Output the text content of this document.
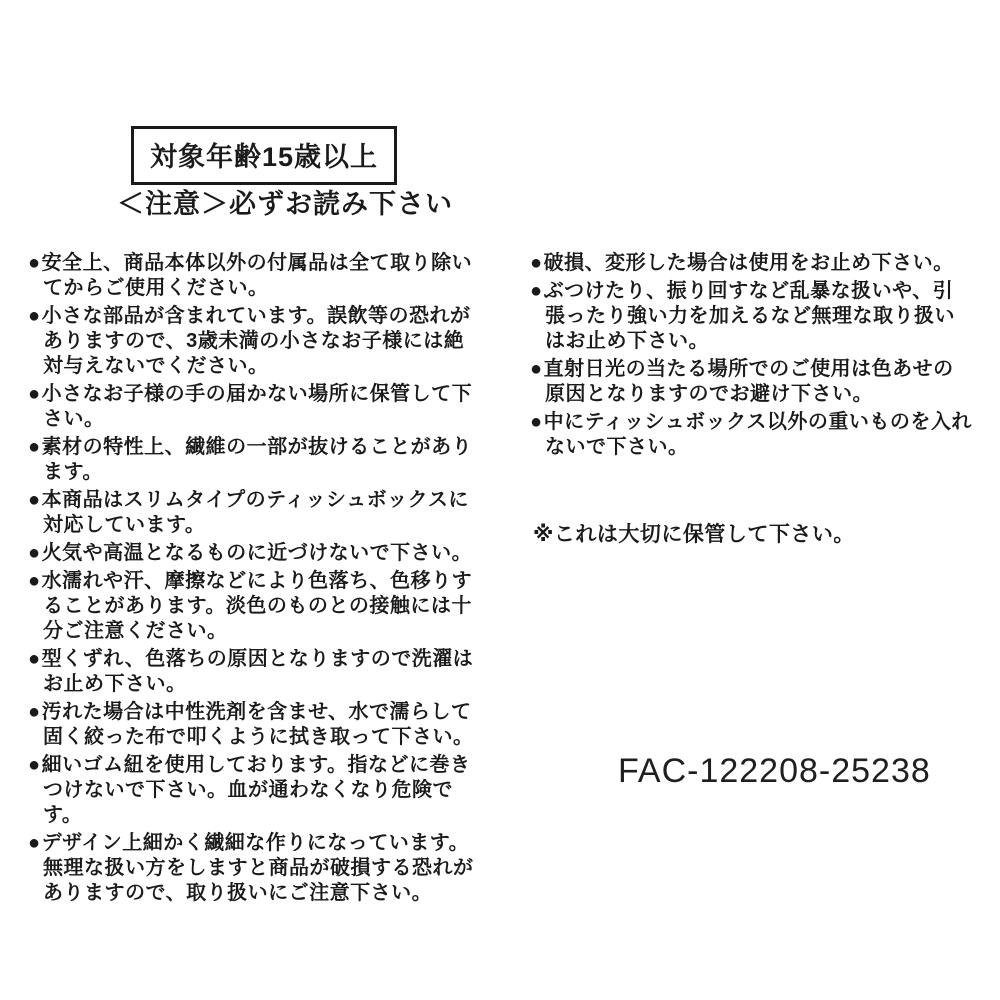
対象年齢15歳以上
＜注意＞必ずお読み下さい
●安全上、商品本体以外の付属品は全て取り除いてからご使用ください。
●小さな部品が含まれています。誤飲等の恐れがありますので、3歳未満の小さなお子様には絶対与えないでください。
●小さなお子様の手の届かない場所に保管して下さい。
●素材の特性上、繊維の一部が抜けることがあります。
●本商品はスリムタイプのティッシュボックスに対応しています。
●火気や高温となるものに近づけないで下さい。
●水濡れや汗、摩擦などにより色落ち、色移りすることがあります。淡色のものとの接触には十分ご注意ください。
●型くずれ、色落ちの原因となりますので洗濯はお止め下さい。
●汚れた場合は中性洗剤を含ませ、水で濡らして固く絞った布で叩くように拭き取って下さい。
●細いゴム紐を使用しております。指などに巻きつけないで下さい。血が通わなくなり危険です。
●デザイン上細かく繊細な作りになっています。無理な扱い方をしますと商品が破損する恐れがありますので、取り扱いにご注意下さい。
●破損、変形した場合は使用をお止め下さい。
●ぶつけたり、振り回すなど乱暴な扱いや、引張ったり強い力を加えるなど無理な取り扱いはお止め下さい。
●直射日光の当たる場所でのご使用は色あせの原因となりますのでお避け下さい。
●中にティッシュボックス以外の重いものを入れないで下さい。
※これは大切に保管して下さい。
FAC-122208-25238
